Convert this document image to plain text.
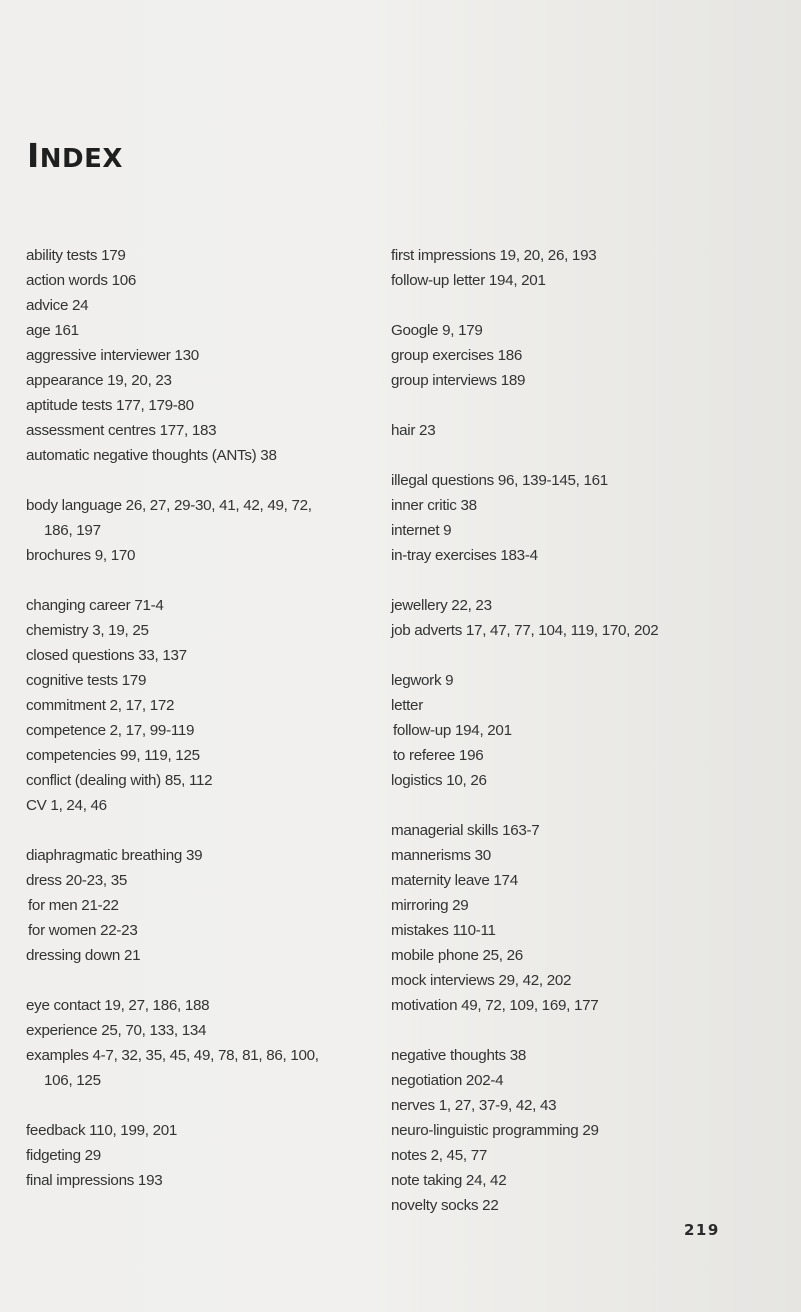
INDEX
ability tests 179
action words 106
advice 24
age 161
aggressive interviewer 130
appearance 19, 20, 23
aptitude tests 177, 179-80
assessment centres 177, 183
automatic negative thoughts (ANTs) 38
body language 26, 27, 29-30, 41, 42, 49, 72,
186, 197
brochures 9, 170
changing career 71-4
chemistry 3, 19, 25
closed questions 33, 137
cognitive tests 179
commitment 2, 17, 172
competence 2, 17, 99-119
competencies 99, 119, 125
conflict (dealing with) 85, 112
CV 1, 24, 46
diaphragmatic breathing 39
dress 20-23, 35
for men 21-22
for women 22-23
dressing down 21
eye contact 19, 27, 186, 188
experience 25, 70, 133, 134
examples 4-7, 32, 35, 45, 49, 78, 81, 86, 100,
106, 125
feedback 110, 199, 201
fidgeting 29
final impressions 193
first impressions 19, 20, 26, 193
follow-up letter 194, 201
Google 9, 179
group exercises 186
group interviews 189
hair 23
illegal questions 96, 139-145, 161
inner critic 38
internet 9
in-tray exercises 183-4
jewellery 22, 23
job adverts 17, 47, 77, 104, 119, 170, 202
legwork 9
letter
follow-up 194, 201
to referee 196
logistics 10, 26
managerial skills 163-7
mannerisms 30
maternity leave 174
mirroring 29
mistakes 110-11
mobile phone 25, 26
mock interviews 29, 42, 202
motivation 49, 72, 109, 169, 177
negative thoughts 38
negotiation 202-4
nerves 1, 27, 37-9, 42, 43
neuro-linguistic programming 29
notes 2, 45, 77
note taking 24, 42
novelty socks 22
219
